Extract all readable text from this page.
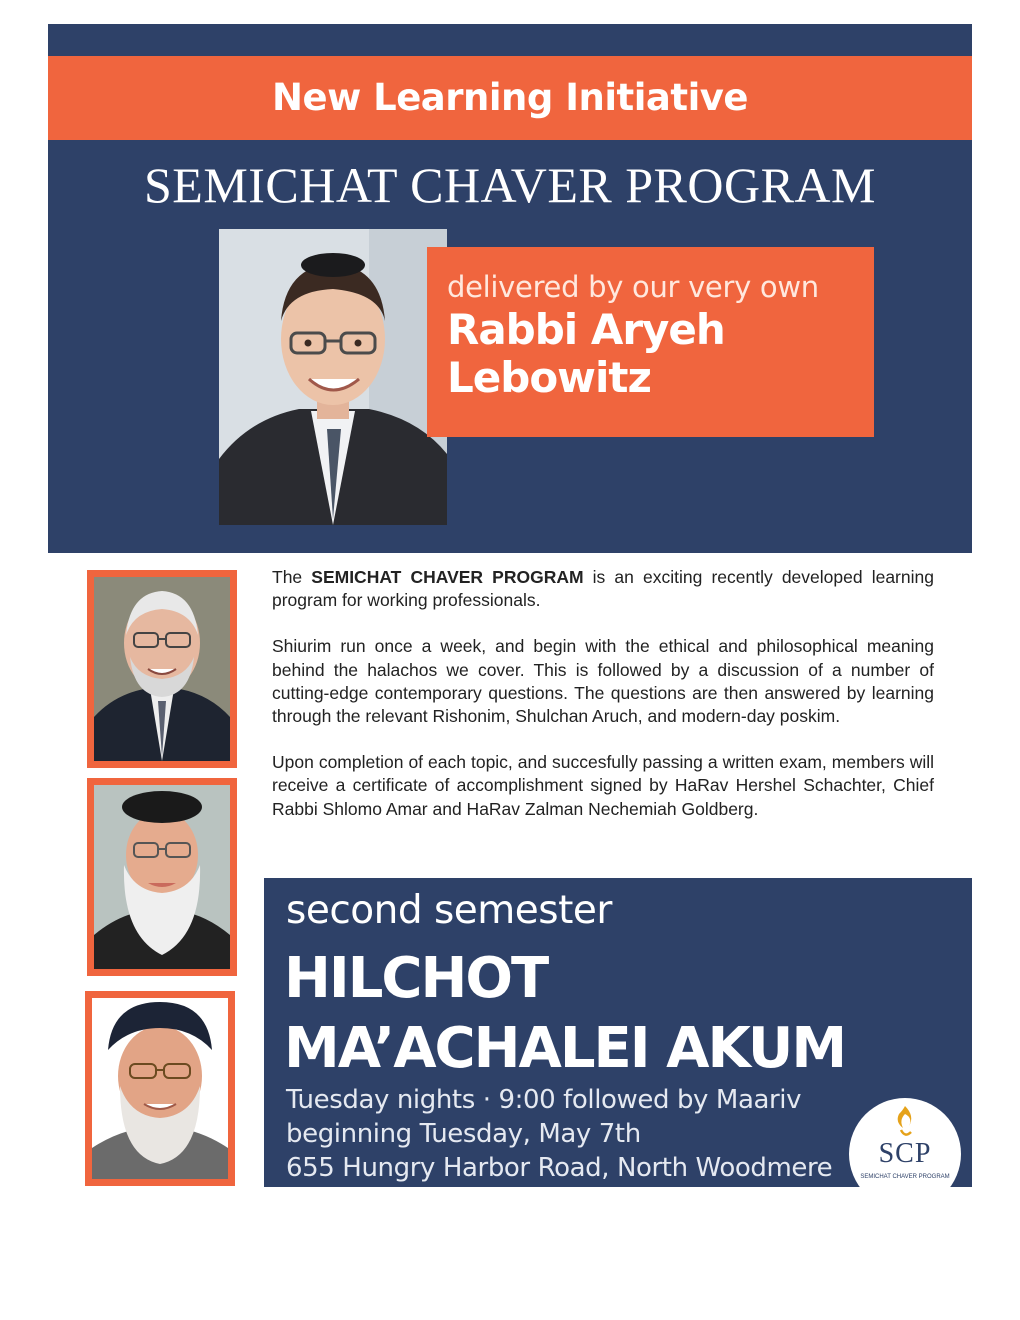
New Learning Initiative
SEMICHAT CHAVER PROGRAM
delivered by our very own
Rabbi Aryeh Lebowitz

The SEMICHAT CHAVER PROGRAM is an exciting recently developed learning program for working professionals.

Shiurim run once a week, and begin with the ethical and philosophical meaning behind the halachos we cover. This is followed by a discussion of a number of cutting-edge contemporary questions. The questions are then answered by learning through the relevant Rishonim, Shulchan Aruch, and modern-day poskim.

Upon completion of each topic, and succesfully passing a written exam, members will receive a certificate of accomplishment signed by HaRav Hershel Schachter, Chief Rabbi Shlomo Amar and HaRav Zalman Nechemiah Goldberg.

second semester
HILCHOT
MA’ACHALEI AKUM
Tuesday nights · 9:00 followed by Maariv
beginning Tuesday, May 7th
655 Hungry Harbor Road, North Woodmere	SCP
SEMICHAT CHAVER PROGRAM
